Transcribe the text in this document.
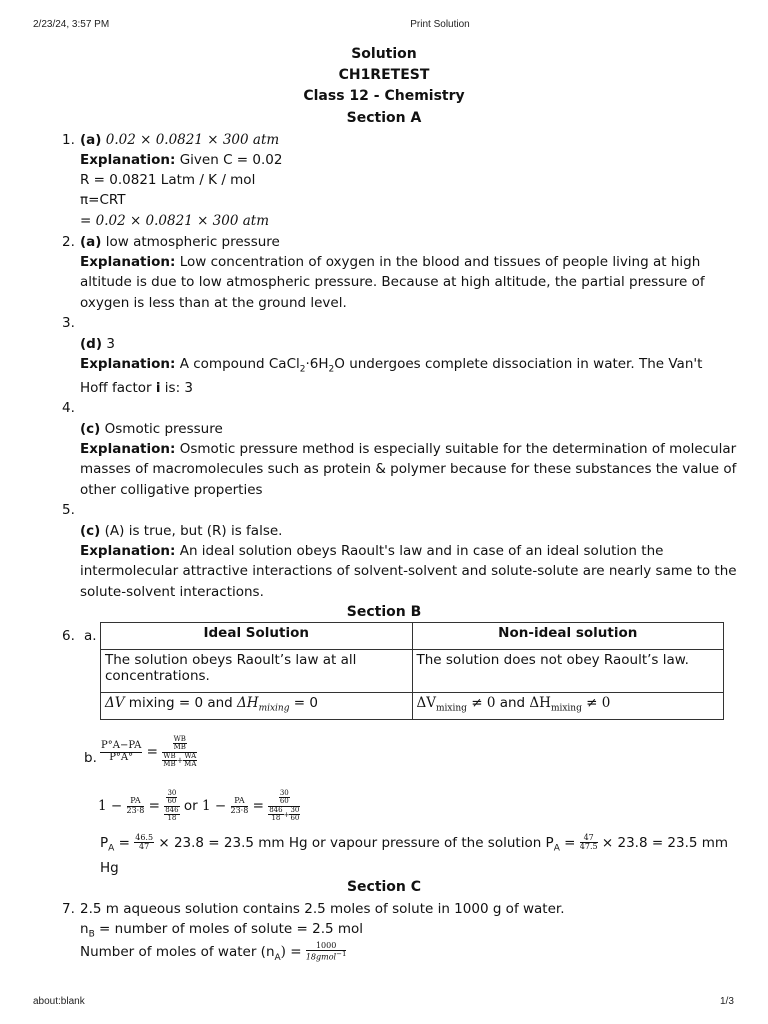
2/23/24, 3:57 PM	Print Solution
Solution
CH1RETEST
Class 12 - Chemistry
Section A
1. (a) 0.02 × 0.0821 × 300 atm
Explanation: Given C = 0.02
R = 0.0821 Latm / K / mol
π=CRT
= 0.02 × 0.0821 × 300 atm
2. (a) low atmospheric pressure
Explanation: Low concentration of oxygen in the blood and tissues of people living at high
altitude is due to low atmospheric pressure. Because at high altitude, the partial pressure of
oxygen is less than at the ground level.
3.
(d) 3
Explanation: A compound $CaCl_2\cdot 6H_2O$ undergoes complete dissociation in water. The Van't
Hoff factor i is: 3
4.
(c) Osmotic pressure
Explanation: Osmotic pressure method is especially suitable for the determination of molecular
masses of macromolecules such as protein & polymer because for these substances the value of
other colligative properties
5.
(c) (A) is true, but (R) is false.
Explanation: An ideal solution obeys Raoult's law and in case of an ideal solution the
intermolecular attractive interactions of solvent-solvent and solute-solute are nearly same to the
solute-solvent interactions.
Section B
6. a.	Ideal Solution	Non-ideal solution
The solution obeys Raoult’s law at all concentrations.	The solution does not obey Raoult’s law.
ΔV mixing = 0 and $\Delta H_{mixing} = 0$	$\Delta V_{mixing} \ne 0$ and $\Delta H_{mixing} \ne 0$
b. $\frac{P^\circ A-PA}{P^\circ A^\circ} = \frac{\frac{WB}{MB}}{\frac{WB}{MB} + \frac{WA}{MA}}$
$1 - \frac{PA}{23\cdot 8} = \frac{\frac{30}{60}}{\frac{846}{18}}$ or $1 - \frac{PA}{23\cdot 8} = \frac{\frac{30}{60}}{\frac{846}{18} + \frac{30}{60}}$
$P_A = \frac{46.5}{47} \times 23.8 = 23.5$ mm Hg or vapour pressure of the solution $P_A = \frac{47}{47.5} \times 23.8 = 23.5$ mm
Hg
Section C
7. 2.5 m aqueous solution contains 2.5 moles of solute in 1000 g of water.
$n_B$ = number of moles of solute = 2.5 mol
Number of moles of water $(n_A) = \frac{1000}{18gmol^{-1}}$
about:blank	1/3
